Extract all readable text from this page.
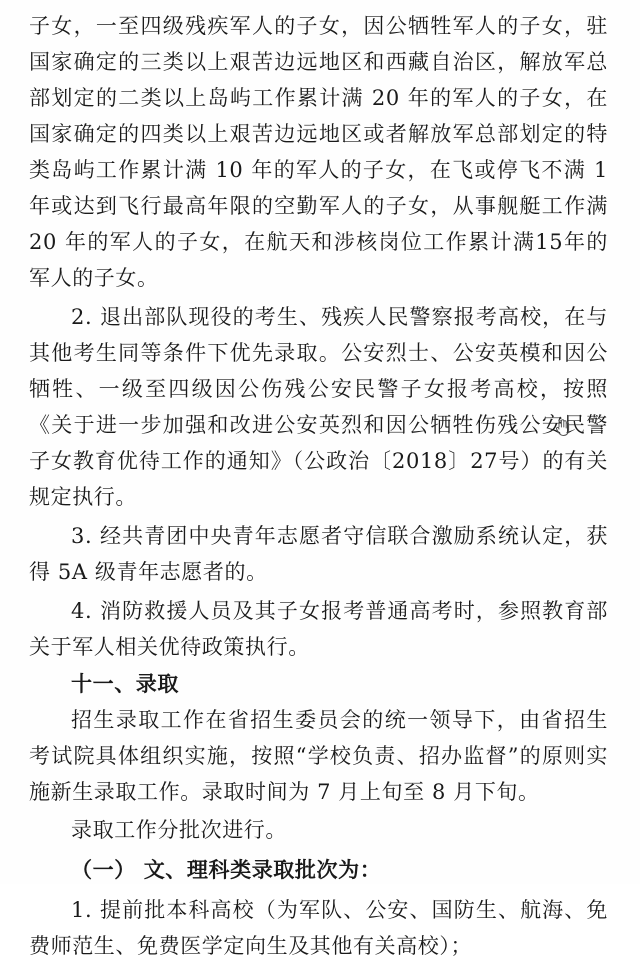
子女，一至四级残疾军人的子女，因公牺牲军人的子女，驻国家确定的三类以上艰苦边远地区和西藏自治区，解放军总部划定的二类以上岛屿工作累计满 20 年的军人的子女，在国家确定的四类以上艰苦边远地区或者解放军总部划定的特类岛屿工作累计满 10 年的军人的子女，在飞或停飞不满 1 年或达到飞行最高年限的空勤军人的子女，从事舰艇工作满 20 年的军人的子女，在航天和涉核岗位工作累计满15年的军人的子女。

2. 退出部队现役的考生、残疾人民警察报考高校，在与其他考生同等条件下优先录取。公安烈士、公安英模和因公牺牲、一级至四级因公伤残公安民警子女报考高校，按照《关于进一步加强和改进公安英烈和因公牺牲伤残公安民警子女教育优待工作的通知》（公政治〔2018〕27号）的有关规定执行。

3. 经共青团中央青年志愿者守信联合激励系统认定，获得 5A 级青年志愿者的。

4. 消防救援人员及其子女报考普通高考时，参照教育部关于军人相关优待政策执行。

十一、录取

招生录取工作在省招生委员会的统一领导下，由省招生考试院具体组织实施，按照“学校负责、招办监督”的原则实施新生录取工作。录取时间为 7 月上旬至 8 月下旬。

录取工作分批次进行。

（一） 文、理科类录取批次为：

1. 提前批本科高校（为军队、公安、国防生、航海、免费师范生、免费医学定向生及其他有关高校）；
